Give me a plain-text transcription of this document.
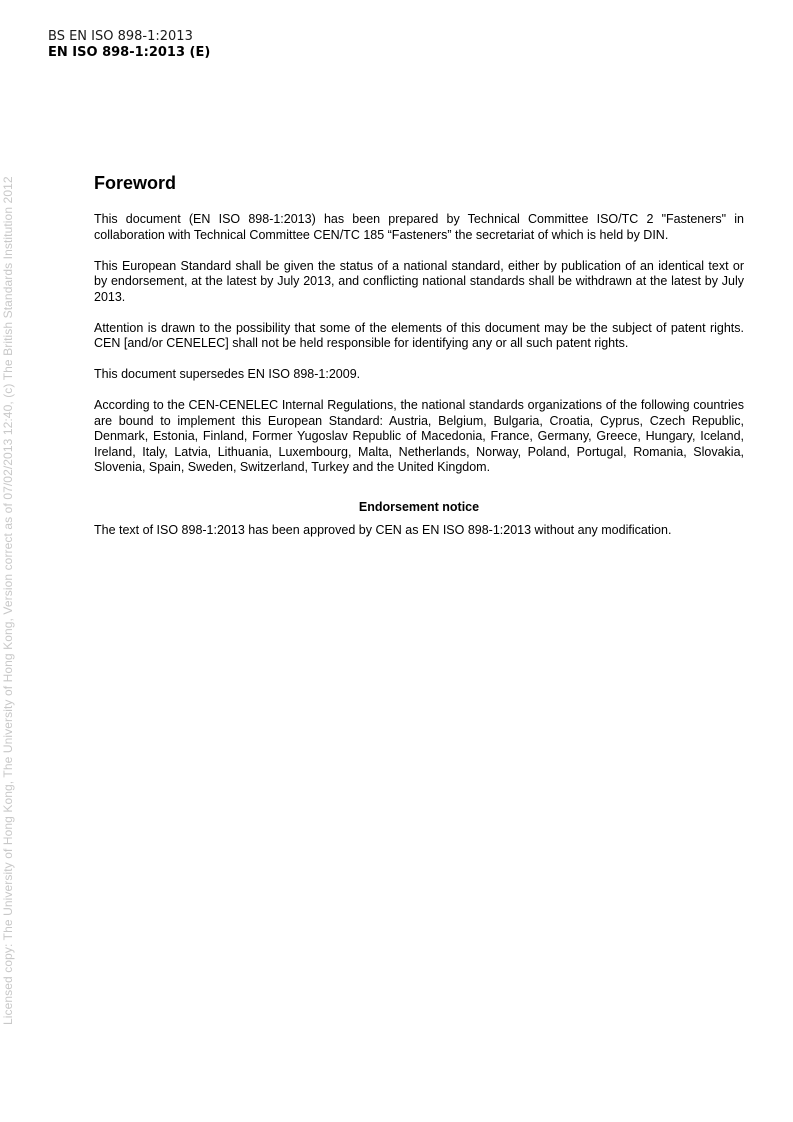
BS EN ISO 898-1:2013
EN ISO 898-1:2013 (E)
Licensed copy: The University of Hong Kong, The University of Hong Kong, Version correct as of 07/02/2013 12:40, (c) The British Standards Institution 2012	Foreword

This document (EN ISO 898-1:2013) has been prepared by Technical Committee ISO/TC 2 "Fasteners" in collaboration with Technical Committee CEN/TC 185 “Fasteners” the secretariat of which is held by DIN.

This European Standard shall be given the status of a national standard, either by publication of an identical text or by endorsement, at the latest by July 2013, and conflicting national standards shall be withdrawn at the latest by July 2013.

Attention is drawn to the possibility that some of the elements of this document may be the subject of patent rights. CEN [and/or CENELEC] shall not be held responsible for identifying any or all such patent rights.

This document supersedes EN ISO 898-1:2009.

According to the CEN-CENELEC Internal Regulations, the national standards organizations of the following countries are bound to implement this European Standard: Austria, Belgium, Bulgaria, Croatia, Cyprus, Czech Republic, Denmark, Estonia, Finland, Former Yugoslav Republic of Macedonia, France, Germany, Greece, Hungary, Iceland, Ireland, Italy, Latvia, Lithuania, Luxembourg, Malta, Netherlands, Norway, Poland, Portugal, Romania, Slovakia, Slovenia, Spain, Sweden, Switzerland, Turkey and the United Kingdom.

Endorsement notice

The text of ISO 898-1:2013 has been approved by CEN as EN ISO 898-1:2013 without any modification.
